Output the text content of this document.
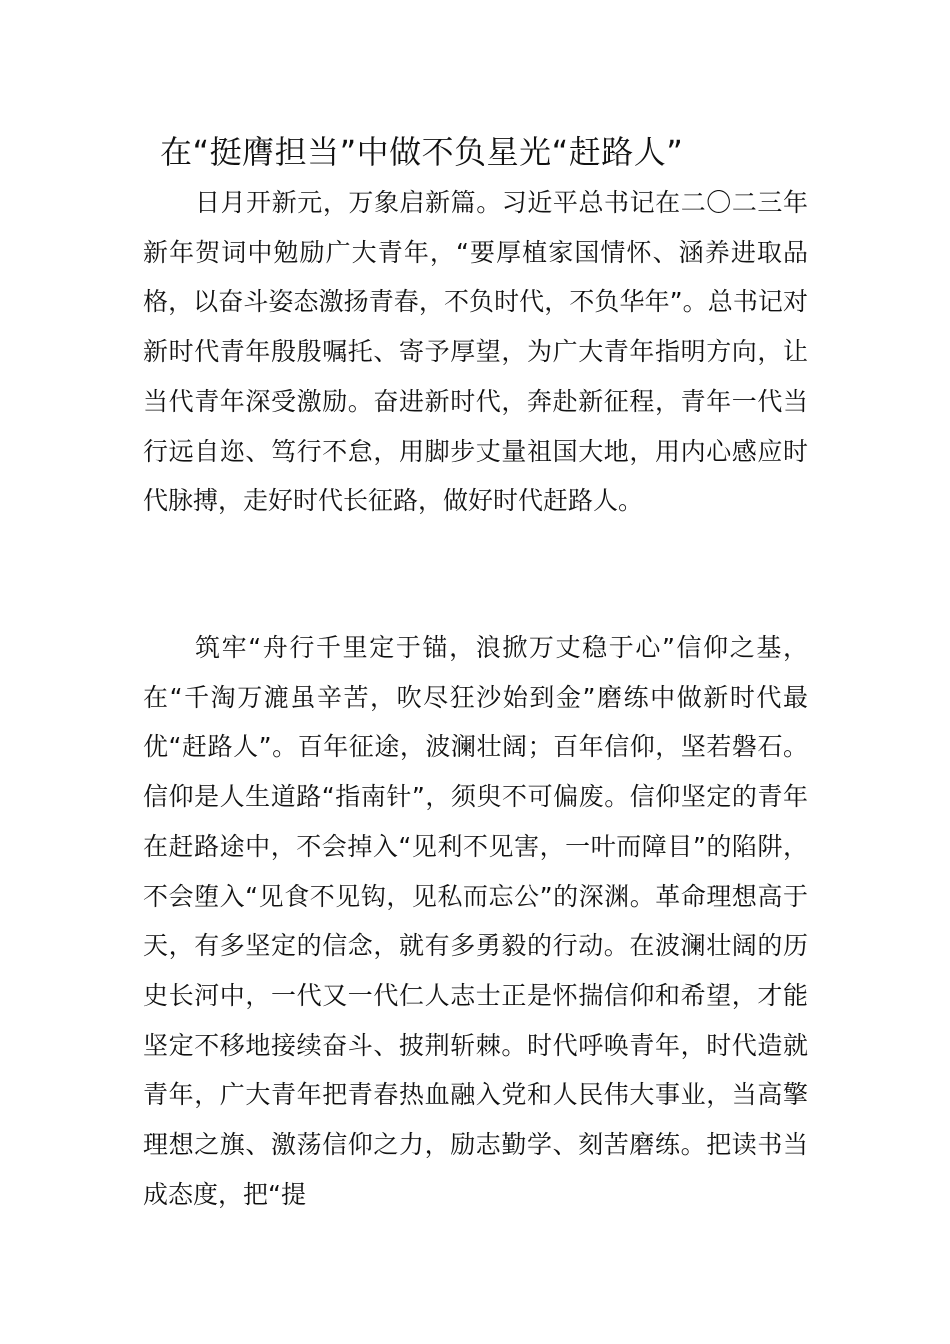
在“挺膺担当”中做不负星光“赶路人”

日月开新元，万象启新篇。习近平总书记在二〇二三年新年贺词中勉励广大青年，“要厚植家国情怀、涵养进取品格，以奋斗姿态激扬青春，不负时代，不负华年”。总书记对新时代青年殷殷嘱托、寄予厚望，为广大青年指明方向，让当代青年深受激励。奋进新时代，奔赴新征程，青年一代当行远自迩、笃行不怠，用脚步丈量祖国大地，用内心感应时代脉搏，走好时代长征路，做好时代赶路人。

筑牢“舟行千里定于锚，浪掀万丈稳于心”信仰之基，在“千淘万漉虽辛苦，吹尽狂沙始到金”磨练中做新时代最优“赶路人”。百年征途，波澜壮阔；百年信仰，坚若磐石。信仰是人生道路“指南针”，须臾不可偏废。信仰坚定的青年在赶路途中，不会掉入“见利不见害，一叶而障目”的陷阱，不会堕入“见食不见钩，见私而忘公”的深渊。革命理想高于天，有多坚定的信念，就有多勇毅的行动。在波澜壮阔的历史长河中，一代又一代仁人志士正是怀揣信仰和希望，才能坚定不移地接续奋斗、披荆斩棘。时代呼唤青年，时代造就青年，广大青年把青春热血融入党和人民伟大事业，当高擎理想之旗、激荡信仰之力，励志勤学、刻苦磨练。把读书当成态度，把“提
